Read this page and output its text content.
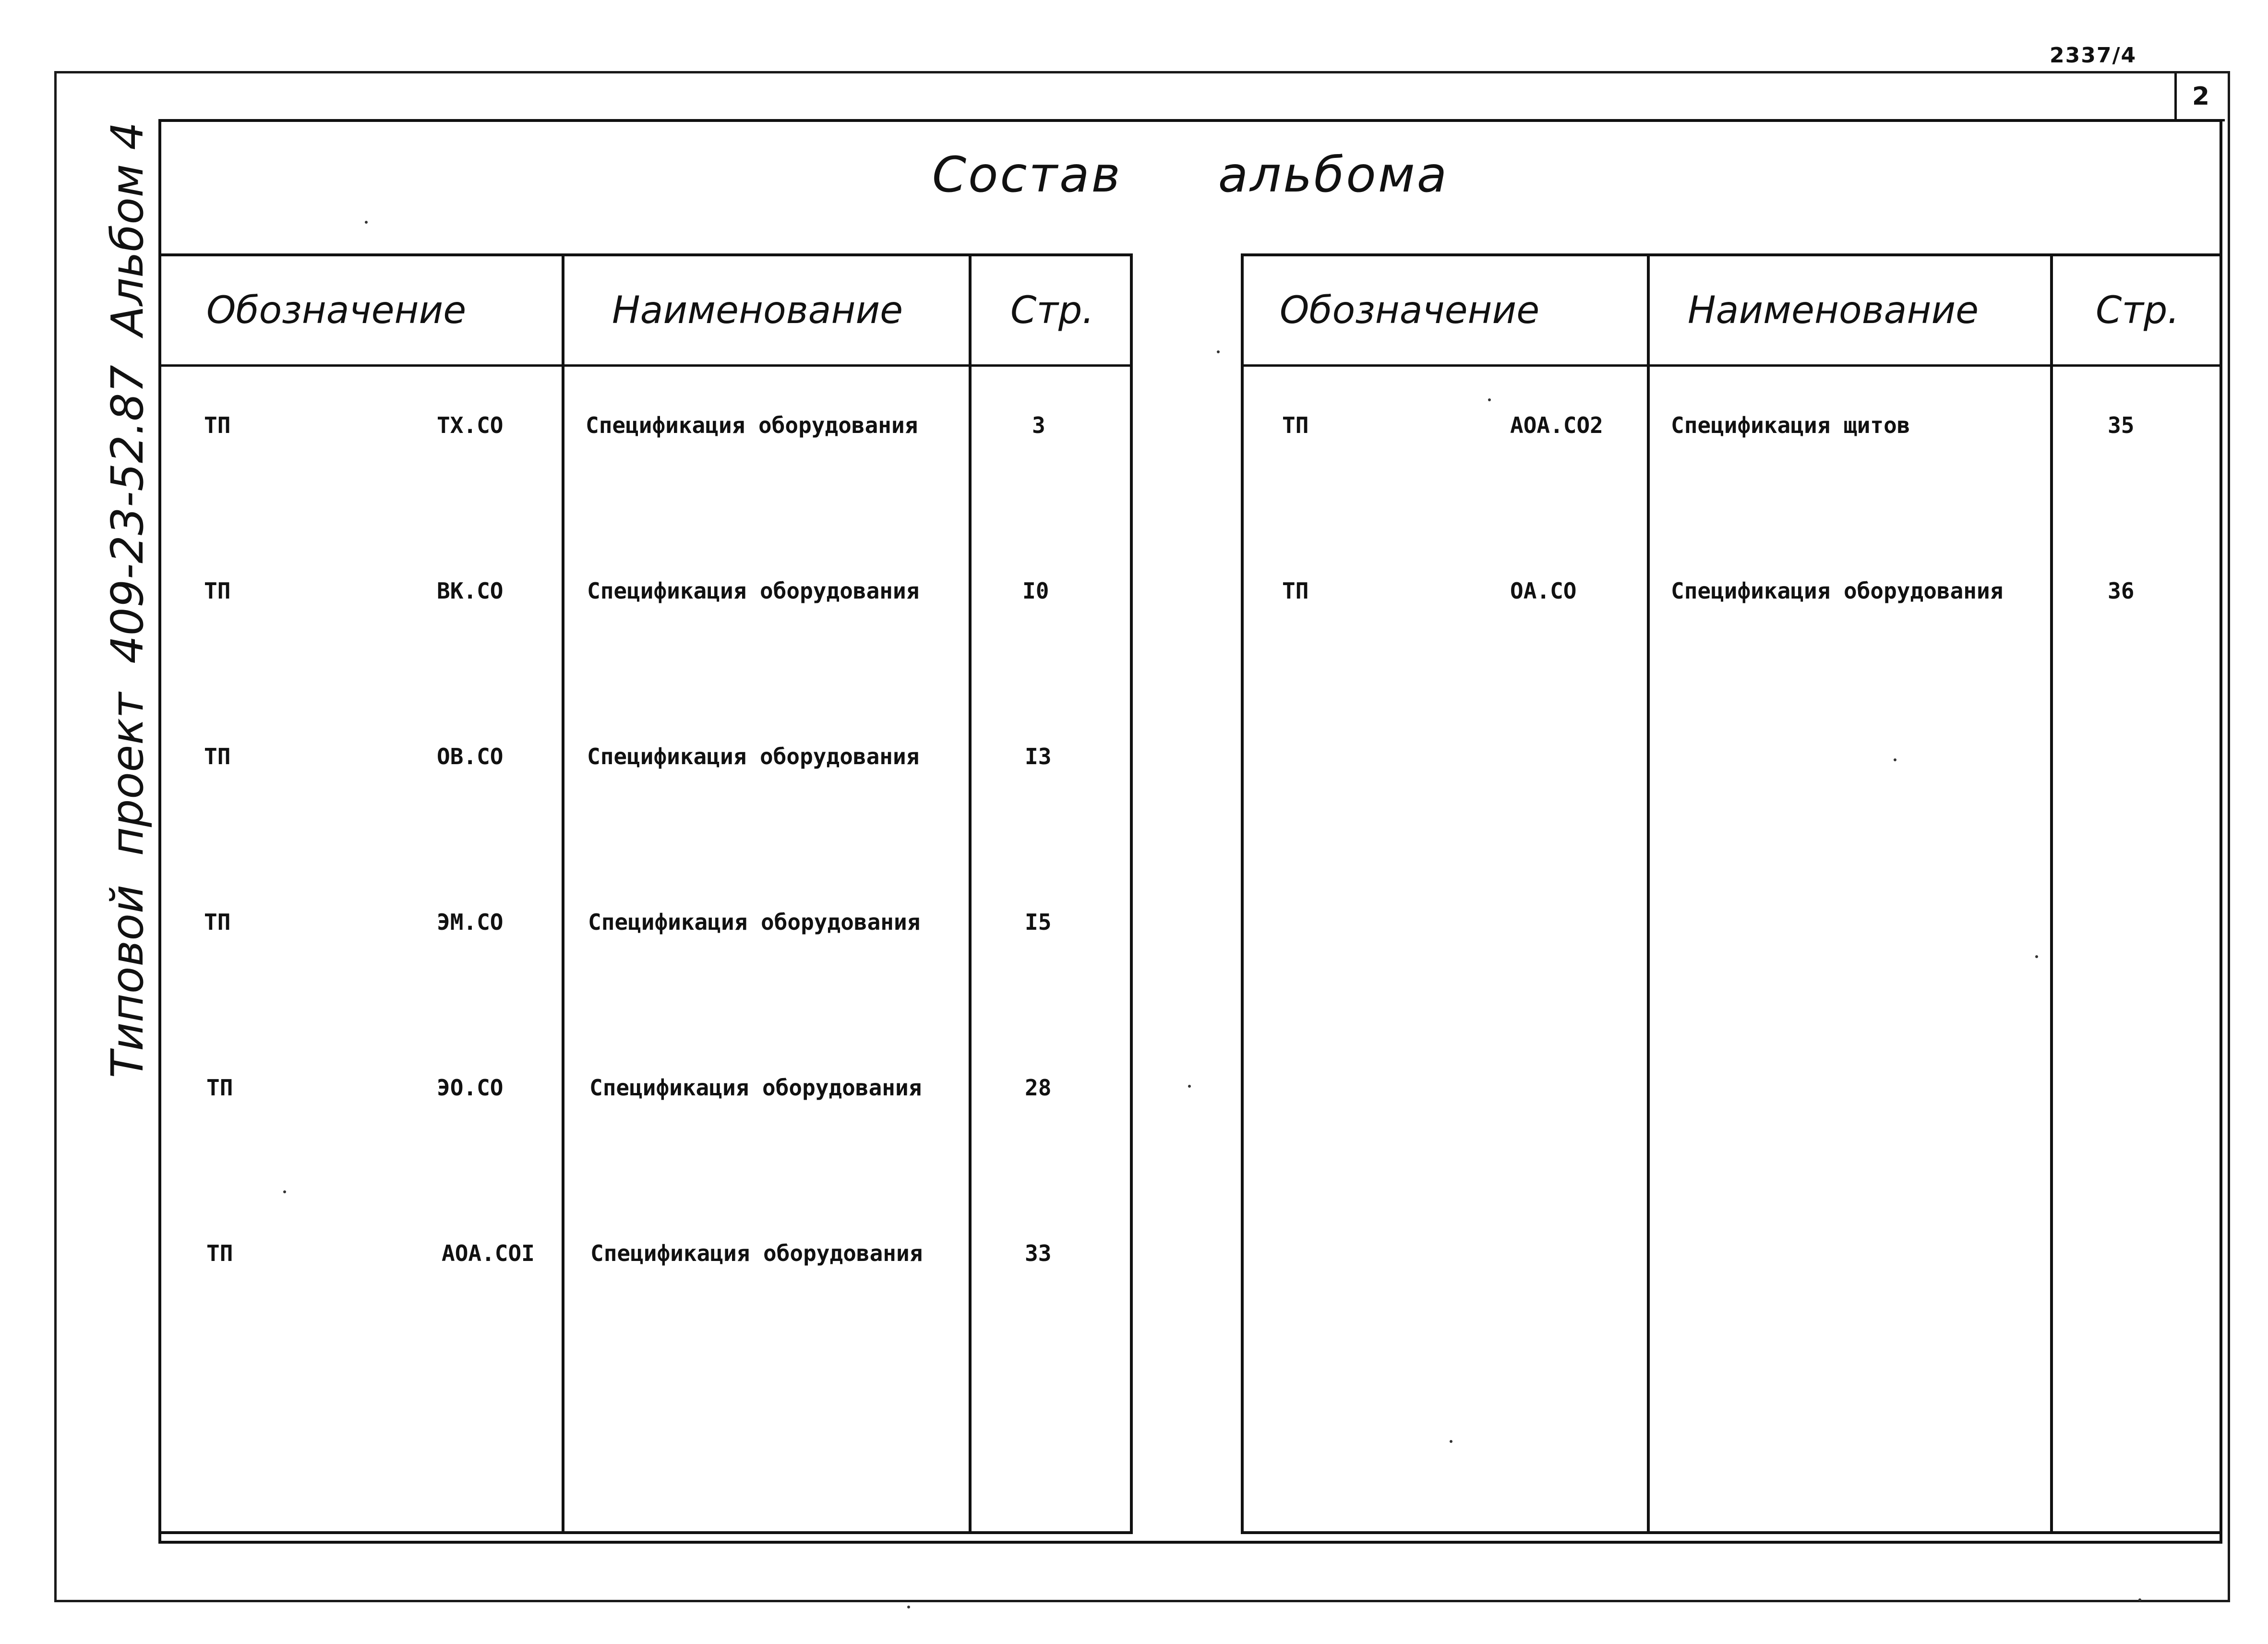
2337/4
2
Типовой
проект
409-23-52.87
Альбом 4	Состав альбома
Обозначение	Наименование	Стр.
ТП	ТХ.СО	Спецификация оборудования	3
ТП	ВК.СО	Спецификация оборудования	I0
ТП	ОВ.СО	Спецификация оборудования	I3
ТП	ЭМ.СО	Спецификация оборудования	I5
ТП	ЭО.СО	Спецификация оборудования	28
ТП	АОА.СОI	Спецификация оборудования	33
Обозначение	Наименование	Стр.
ТП	АОА.СО2	Спецификация щитов	35
ТП	ОА.СО	Спецификация оборудования	36
